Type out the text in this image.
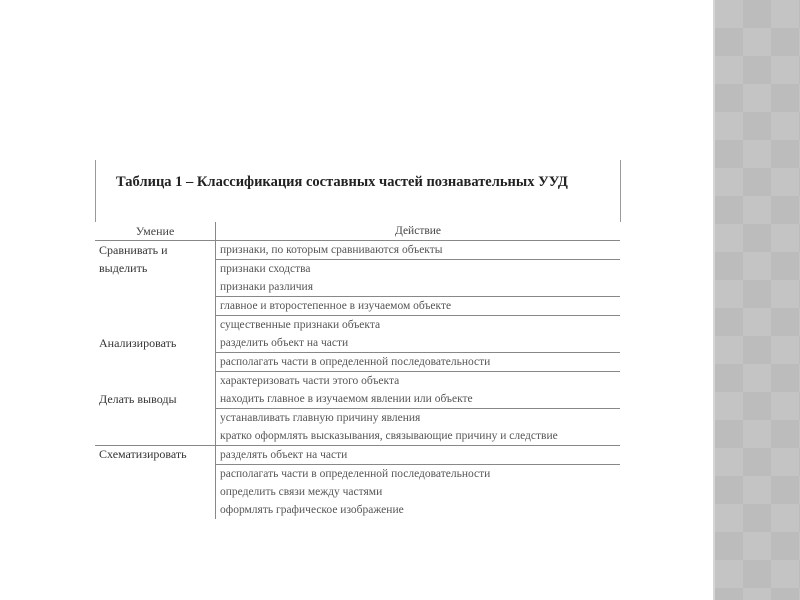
Таблица 1 – Классификация составных частей познавательных УУД
Умение	Действие
Сравнивать и выделить	признаки, по которым сравниваются объекты
	признаки сходства
	признаки различия
	главное и второстепенное в изучаемом объекте
Анализировать	существенные признаки объекта
	разделить объект на части
	располагать части в определенной последовательности

Делать выводы	характеризовать части этого объекта
	находить главное в изучаемом явлении или объекте
	устанавливать главную причину явления
	кратко оформлять высказывания, связывающие причину и следствие
Схематизировать	разделять объект на части
	располагать части в определенной последовательности
	определить связи между частями
	оформлять графическое изображение
